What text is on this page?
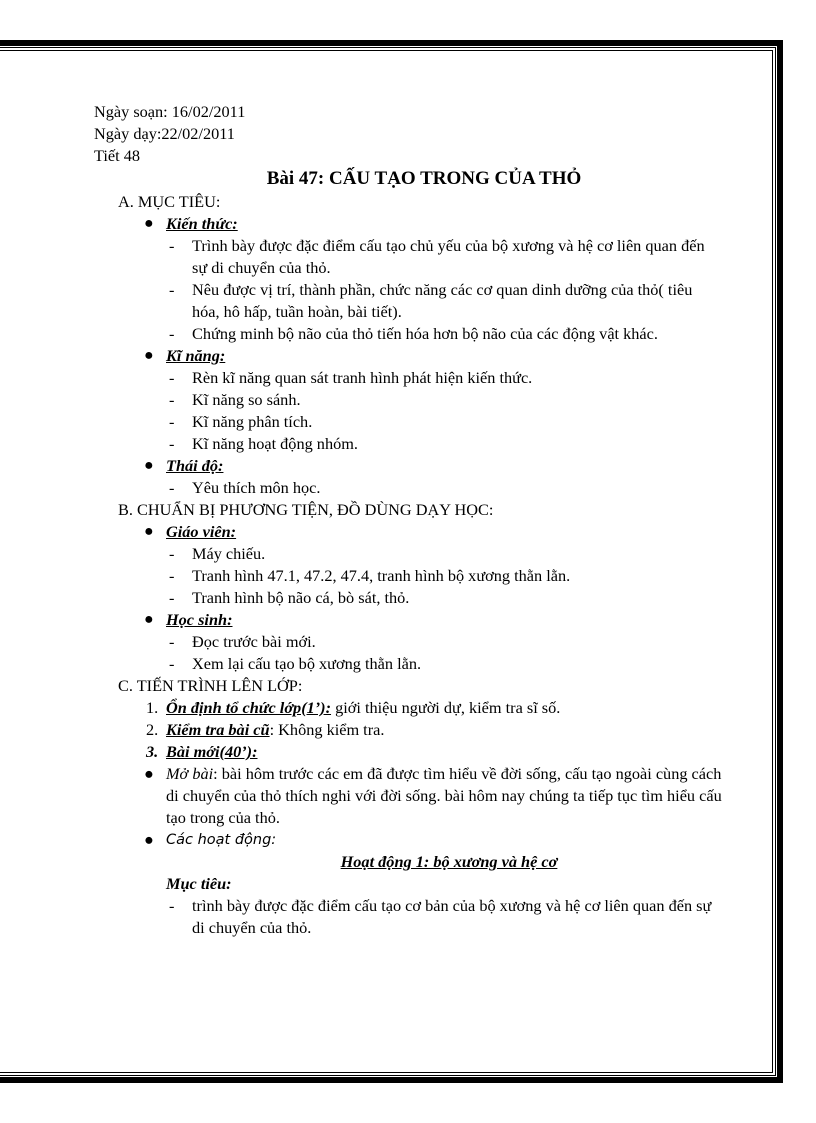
Ngày soạn: 16/02/2011
Ngày dạy:22/02/2011
Tiết 48
Bài 47: CẤU TẠO TRONG CỦA THỎ
A. MỤC TIÊU:
● Kiến thức:
- Trình bày được đặc điểm cấu tạo chủ yếu của bộ xương và hệ cơ liên quan đến sự di chuyển của thỏ.
- Nêu được vị trí, thành phần, chức năng các cơ quan dinh dưỡng của thỏ( tiêu hóa, hô hấp, tuần hoàn, bài tiết).
- Chứng minh bộ não của thỏ tiến hóa hơn bộ não của các động vật khác.
● Kĩ năng:
- Rèn kĩ năng quan sát tranh hình phát hiện kiến thức.
- Kĩ năng so sánh.
- Kĩ năng phân tích.
- Kĩ năng hoạt động nhóm.
● Thái độ:
- Yêu thích môn học.
B. CHUẨN BỊ PHƯƠNG TIỆN, ĐỒ DÙNG DẠY HỌC:
● Giáo viên:
- Máy chiếu.
- Tranh hình 47.1, 47.2, 47.4, tranh hình bộ xương thằn lằn.
- Tranh hình bộ não cá, bò sát, thỏ.
● Học sinh:
- Đọc trước bài mới.
- Xem lại cấu tạo bộ xương thằn lằn.
C. TIẾN TRÌNH LÊN LỚP:
1. Ổn định tổ chức lớp(1’): giới thiệu người dự, kiểm tra sĩ số.
2. Kiểm tra bài cũ: Không kiểm tra.
3. Bài mới(40’):
● Mở bài: bài hôm trước các em đã được tìm hiểu về đời sống, cấu tạo ngoài cùng cách di chuyển của thỏ thích nghi với đời sống. bài hôm nay chúng ta tiếp tục tìm hiểu cấu tạo trong của thỏ.
● Các hoạt động:
Hoạt động 1: bộ xương và hệ cơ
Mục tiêu:
- trình bày được đặc điểm cấu tạo cơ bản của bộ xương và hệ cơ liên quan đến sự di chuyển của thỏ.
